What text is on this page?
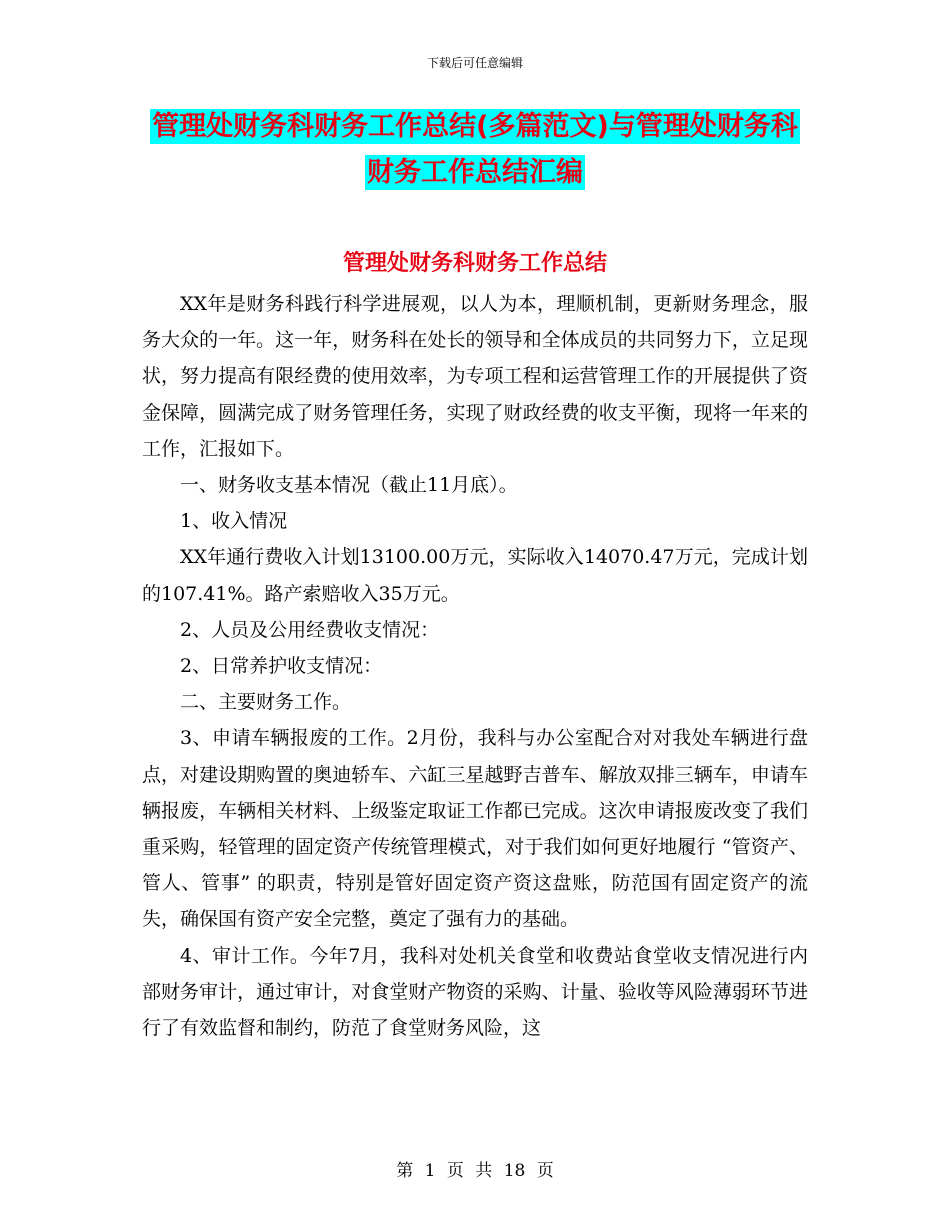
下载后可任意编辑
管理处财务科财务工作总结(多篇范文)与管理处财务科财务工作总结汇编
管理处财务科财务工作总结

XX年是财务科践行科学进展观，以人为本，理顺机制，更新财务理念，服务大众的一年。这一年，财务科在处长的领导和全体成员的共同努力下，立足现状，努力提高有限经费的使用效率，为专项工程和运营管理工作的开展提供了资金保障，圆满完成了财务管理任务，实现了财政经费的收支平衡，现将一年来的工作，汇报如下。

一、财务收支基本情况（截止11月底）。

1、收入情况

XX年通行费收入计划13100.00万元，实际收入14070.47万元，完成计划的107.41%。路产索赔收入35万元。

2、人员及公用经费收支情况：

2、日常养护收支情况：

二、主要财务工作。

3、申请车辆报废的工作。2月份，我科与办公室配合对对我处车辆进行盘点，对建设期购置的奥迪轿车、六缸三星越野吉普车、解放双排三辆车，申请车辆报废，车辆相关材料、上级鉴定取证工作都已完成。这次申请报废改变了我们重采购，轻管理的固定资产传统管理模式，对于我们如何更好地履行 “管资产、管人、管事” 的职责，特别是管好固定资产资这盘账，防范国有固定资产的流失，确保国有资产安全完整，奠定了强有力的基础。

4、审计工作。今年7月，我科对处机关食堂和收费站食堂收支情况进行内部财务审计，通过审计，对食堂财产物资的采购、计量、验收等风险薄弱环节进行了有效监督和制约，防范了食堂财务风险，这

第 1 页 共 18 页
